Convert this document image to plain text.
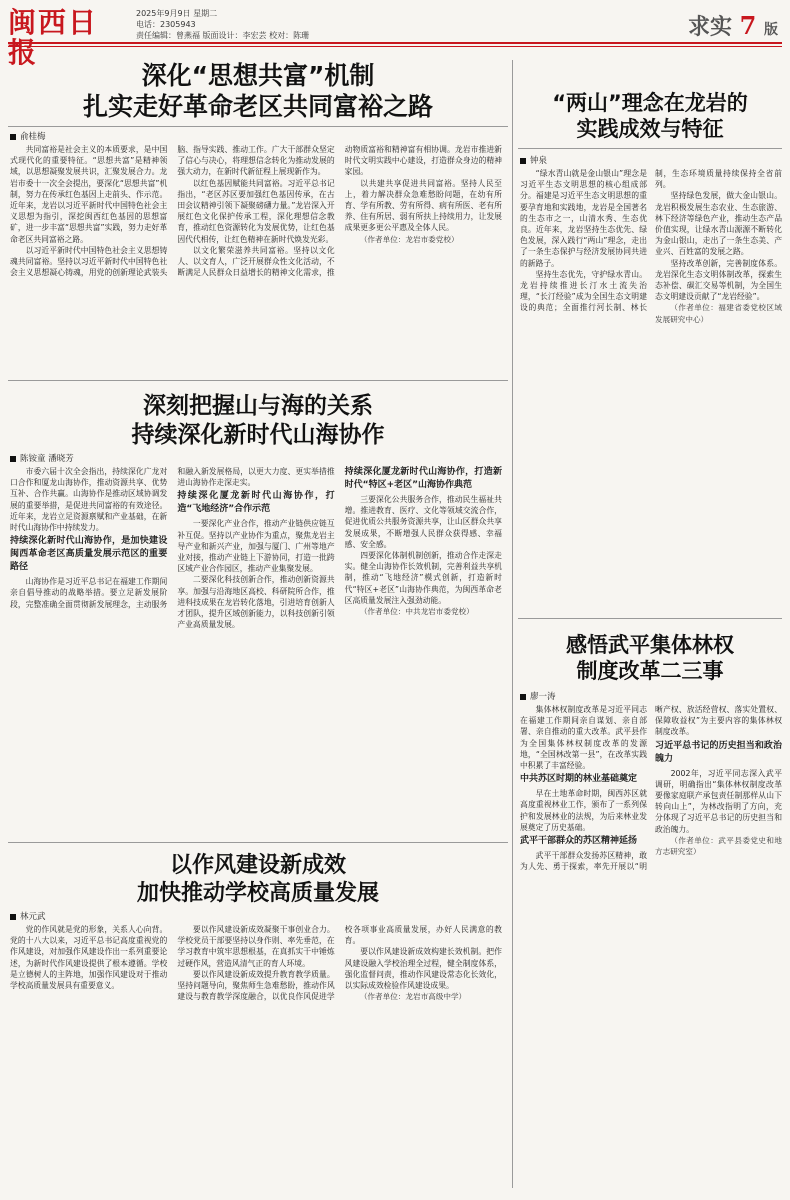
闽西日报
2025年9月9日 星期二
电话：2305943
责任编辑：曾燕福 版面设计：李宏芸 校对：陈珊	求实 7 版
深化“思想共富”机制
扎实走好革命老区共同富裕之路
俞桂梅

共同富裕是社会主义的本质要求，是中国式现代化的重要特征。“思想共富”是精神领域，以思想凝聚发展共识，汇聚发展合力。龙岩市委十一次全会提出，要深化“思想共富”机制，努力在传承红色基因上走前头、作示范。近年来，龙岩以习近平新时代中国特色社会主义思想为指引，深挖闽西红色基因的思想富矿，进一步丰富“思想共富”实践，努力走好革命老区共同富裕之路。

以习近平新时代中国特色社会主义思想铸魂共同富裕。坚持以习近平新时代中国特色社会主义思想凝心铸魂，用党的创新理论武装头脑、指导实践、推动工作。广大干部群众坚定了信心与决心，将理想信念转化为推动发展的强大动力，在新时代新征程上展现新作为。

以红色基因赋能共同富裕。习近平总书记指出，“老区苏区要加强红色基因传承，在古田会议精神引领下凝聚磅礴力量。”龙岩深入开展红色文化保护传承工程，深化理想信念教育，推动红色资源转化为发展优势，让红色基因代代相传，让红色精神在新时代焕发光彩。

以文化繁荣滋养共同富裕。坚持以文化人、以文育人，广泛开展群众性文化活动，不断满足人民群众日益增长的精神文化需求，推动物质富裕和精神富有相协调。龙岩市推进新时代文明实践中心建设，打造群众身边的精神家园。

以共建共享促进共同富裕。坚持人民至上，着力解决群众急难愁盼问题，在幼有所育、学有所教、劳有所得、病有所医、老有所养、住有所居、弱有所扶上持续用力，让发展成果更多更公平惠及全体人民。

（作者单位：龙岩市委党校）

深刻把握山与海的关系
持续深化新时代山海协作
陈铵童 潘晓芳

市委六届十次全会指出，持续深化广龙对口合作和厦龙山海协作，推动资源共享、优势互补、合作共赢。山海协作是推动区域协调发展的重要举措，是促进共同富裕的有效途径。近年来，龙岩立足资源禀赋和产业基础，在新时代山海协作中持续发力。

持续深化新时代山海协作，是加快建设闽西革命老区高质量发展示范区的重要路径

山海协作是习近平总书记在福建工作期间亲自倡导推动的战略举措。要立足新发展阶段，完整准确全面贯彻新发展理念，主动服务和融入新发展格局，以更大力度、更实举措推进山海协作走深走实。

持续深化厦龙新时代山海协作，打造“飞地经济”合作示范

一要深化产业合作，推动产业链供应链互补互促。坚持以产业协作为重点，聚焦龙岩主导产业和新兴产业，加强与厦门、广州等地产业对接，推动产业链上下游协同，打造一批跨区域产业合作园区，推动产业集聚发展。

二要深化科技创新合作，推动创新资源共享。加强与沿海地区高校、科研院所合作，推进科技成果在龙岩转化落地，引进培育创新人才团队，提升区域创新能力，以科技创新引领产业高质量发展。

持续深化厦龙新时代山海协作，打造新时代“特区+老区”山海协作典范

三要深化公共服务合作，推动民生福祉共增。推进教育、医疗、文化等领域交流合作，促进优质公共服务资源共享，让山区群众共享发展成果，不断增强人民群众获得感、幸福感、安全感。

四要深化体制机制创新，推动合作走深走实。健全山海协作长效机制，完善利益共享机制，推动“飞地经济”模式创新，打造新时代“特区+老区”山海协作典范，为闽西革命老区高质量发展注入强劲动能。

（作者单位：中共龙岩市委党校）

以作风建设新成效
加快推动学校高质量发展
林元武

党的作风就是党的形象，关系人心向背。党的十八大以来，习近平总书记高度重视党的作风建设，对加强作风建设作出一系列重要论述，为新时代作风建设提供了根本遵循。学校是立德树人的主阵地，加强作风建设对于推动学校高质量发展具有重要意义。

要以作风建设新成效凝聚干事创业合力。学校党员干部要坚持以身作则、率先垂范，在学习教育中筑牢思想根基，在真抓实干中锤炼过硬作风，营造风清气正的育人环境。

要以作风建设新成效提升教育教学质量。坚持问题导向，聚焦师生急难愁盼，推动作风建设与教育教学深度融合，以优良作风促进学校各项事业高质量发展，办好人民满意的教育。

要以作风建设新成效构建长效机制。把作风建设融入学校治理全过程，健全制度体系，强化监督问责，推动作风建设常态化长效化，以实际成效检验作风建设成果。

（作者单位：龙岩市高级中学）

“两山”理念在龙岩的
实践成效与特征
钟泉

“绿水青山就是金山银山”理念是习近平生态文明思想的核心组成部分。福建是习近平生态文明思想的重要孕育地和实践地，龙岩是全国著名的生态市之一，山清水秀、生态优良。近年来，龙岩坚持生态优先、绿色发展，深入践行“两山”理念，走出了一条生态保护与经济发展协同共进的新路子。

坚持生态优先，守护绿水青山。龙岩持续推进长汀水土流失治理，“长汀经验”成为全国生态文明建设的典范；全面推行河长制、林长制，生态环境质量持续保持全省前列。

坚持绿色发展，做大金山银山。龙岩积极发展生态农业、生态旅游、林下经济等绿色产业，推动生态产品价值实现，让绿水青山源源不断转化为金山银山，走出了一条生态美、产业兴、百姓富的发展之路。

坚持改革创新，完善制度体系。龙岩深化生态文明体制改革，探索生态补偿、碳汇交易等机制，为全国生态文明建设贡献了“龙岩经验”。

（作者单位：福建省委党校区域发展研究中心）

感悟武平集体林权
制度改革二三事
廖一涛

集体林权制度改革是习近平同志在福建工作期间亲自谋划、亲自部署、亲自推动的重大改革。武平县作为全国集体林权制度改革的发源地，“全国林改第一县”，在改革实践中积累了丰富经验。

中共苏区时期的林业基础奠定

早在土地革命时期，闽西苏区就高度重视林业工作，颁布了一系列保护和发展林业的法规，为后来林业发展奠定了历史基础。

武平干部群众的苏区精神延扬

武平干部群众发扬苏区精神，敢为人先、勇于探索，率先开展以“明晰产权、放活经营权、落实处置权、保障收益权”为主要内容的集体林权制度改革。

习近平总书记的历史担当和政治魄力

2002年，习近平同志深入武平调研，明确指出“集体林权制度改革要像家庭联产承包责任制那样从山下转向山上”，为林改指明了方向，充分体现了习近平总书记的历史担当和政治魄力。

（作者单位：武平县委党史和地方志研究室）
